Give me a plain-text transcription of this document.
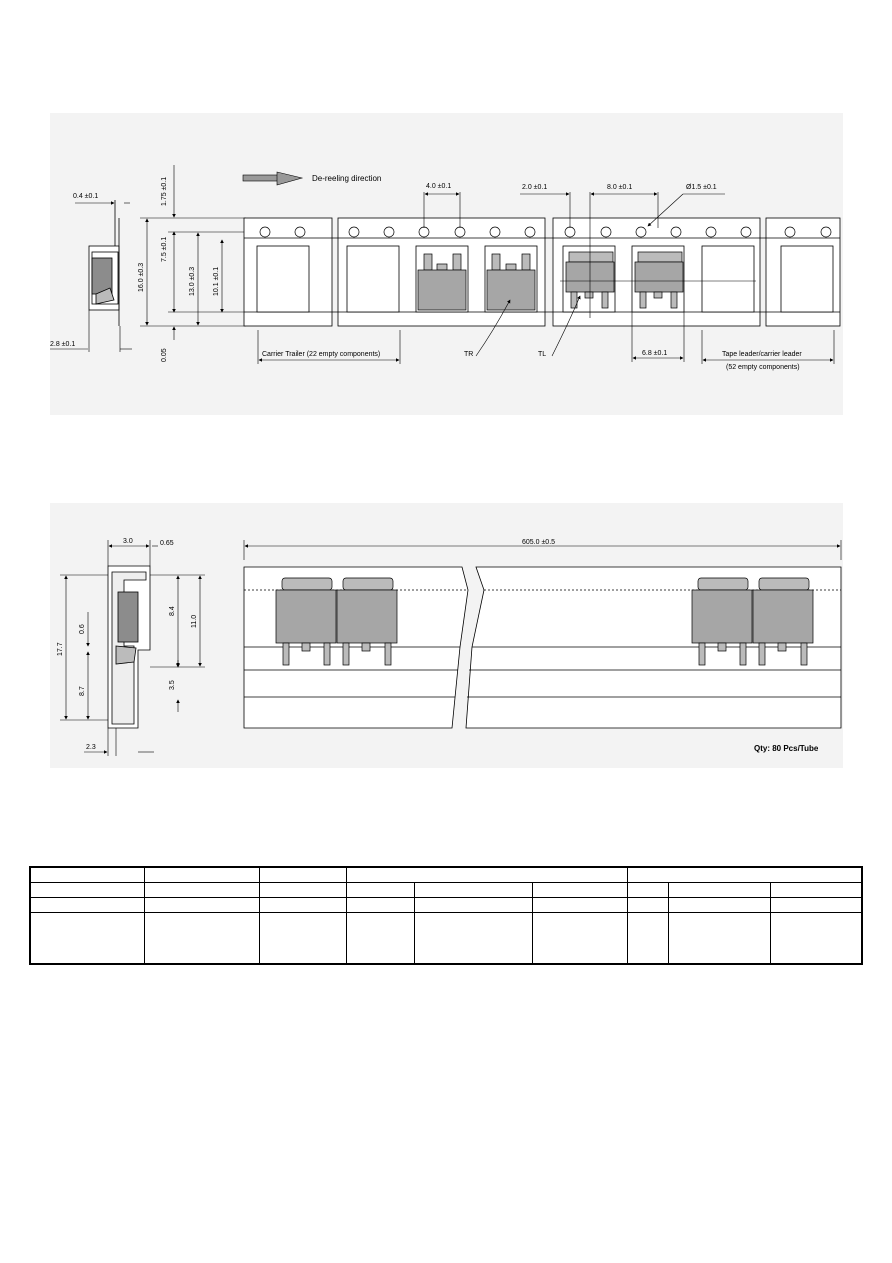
De-reeling direction
0.4 ±0.1	1.75 ±0.1
16.0 ±0.3
7.5 ±0.1
13.0 ±0.3 10.1 ±0.1
2.8 ±0.1
0.05
4.0 ±0.1	2.0 ±0.1	8.0 ±0.1	Ø1.5 ±0.1
6.8 ±0.1
Carrier Trailer (22 empty components)	TR	TL	Tape leader/carrier leader
(52 empty components)
3.0	0.65
17.7
0.6
8.7
8.4
11.0
3.5
2.3
605.0 ±0.5
Qty: 80 Pcs/Tube
